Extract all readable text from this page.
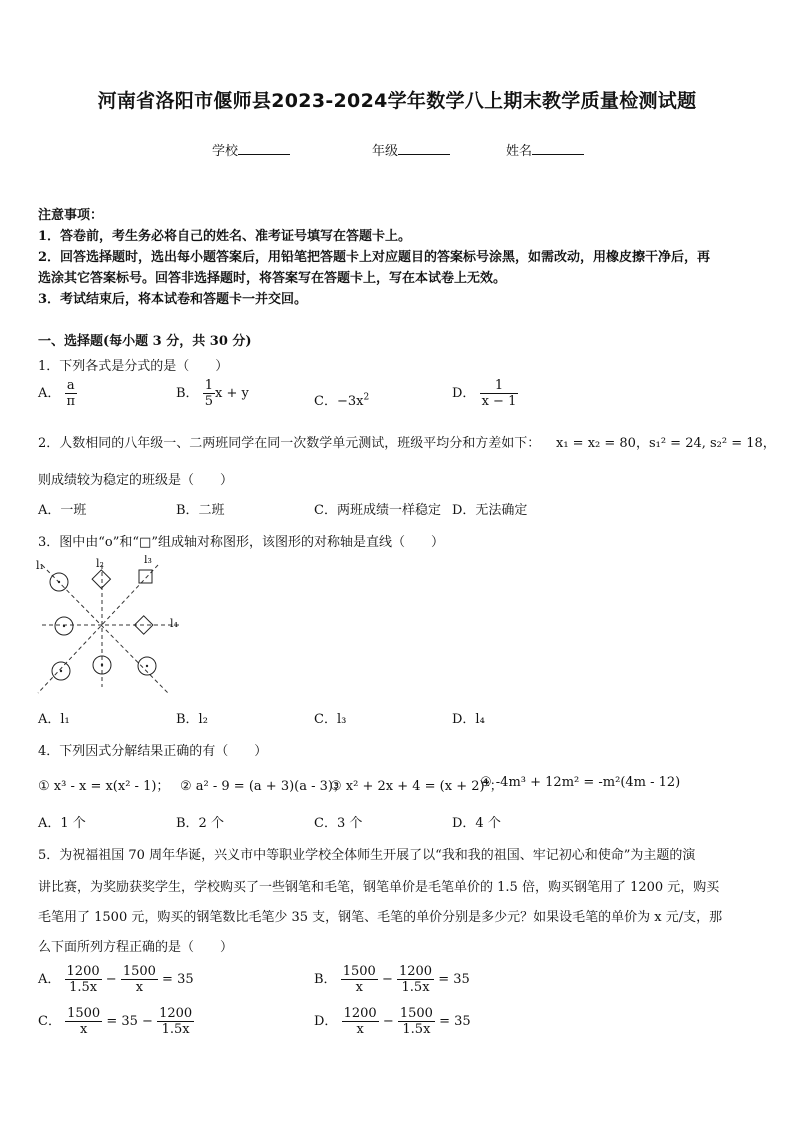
河南省洛阳市偃师县2023-2024学年数学八上期末教学质量检测试题
学校	年级	姓名
注意事项：
1．答卷前，考生务必将自己的姓名、准考证号填写在答题卡上。
2．回答选择题时，选出每小题答案后，用铅笔把答题卡上对应题目的答案标号涂黑，如需改动，用橡皮擦干净后，再
选涂其它答案标号。回答非选择题时，将答案写在答题卡上，写在本试卷上无效。
3．考试结束后，将本试卷和答题卡一并交回。
一、选择题(每小题 3 分，共 30 分)
1．下列各式是分式的是（　　）
A． $\frac{a}{\pi}$	B． $\frac{1}{5}$ x + y
C．$-3x^2$	D． $\frac{1}{x - 1}$
2．人数相同的八年级一、二两班同学在同一次数学单元测试，班级平均分和方差如下： x₁ = x₂ = 80，s₁² = 24, s₂² = 18，
则成绩较为稳定的班级是（　　）
A．一班	B．二班	C．两班成绩一样稳定 D．无法确定
3．图中由“o”和“□”组成轴对称图形，该图形的对称轴是直线（　　）
l₁	l₂	l₃
l₄
A．l₁	B．l₂	C．l₃	D．l₄
4．下列因式分解结果正确的有（　　）
① x³ - x = x(x² - 1)； ② a² - 9 = (a + 3)(a - 3)；
③ x² + 2x + 4 = (x + 2)²；
④ -4m³ + 12m² = -m²(4m - 12)
A．1 个	B．2 个	C．3 个	D．4 个
5．为祝福祖国 70 周年华诞，兴义市中等职业学校全体师生开展了以“我和我的祖国、牢记初心和使命”为主题的演
讲比赛，为奖励获奖学生，学校购买了一些钢笔和毛笔，钢笔单价是毛笔单价的 1.5 倍，购买钢笔用了 1200 元，购买
毛笔用了 1500 元，购买的钢笔数比毛笔少 35 支，钢笔、毛笔的单价分别是多少元？如果设毛笔的单价为 x 元/支，那
么下面所列方程正确的是（　　）
A． $\frac{1200}{1.5x} - \frac{1500}{x} = 35$	B． $\frac{1500}{x} - \frac{1200}{1.5x} = 35$
C． $\frac{1500}{x} = 35 - \frac{1200}{1.5x}$	D． $\frac{1200}{x} - \frac{1500}{1.5x} = 35$
